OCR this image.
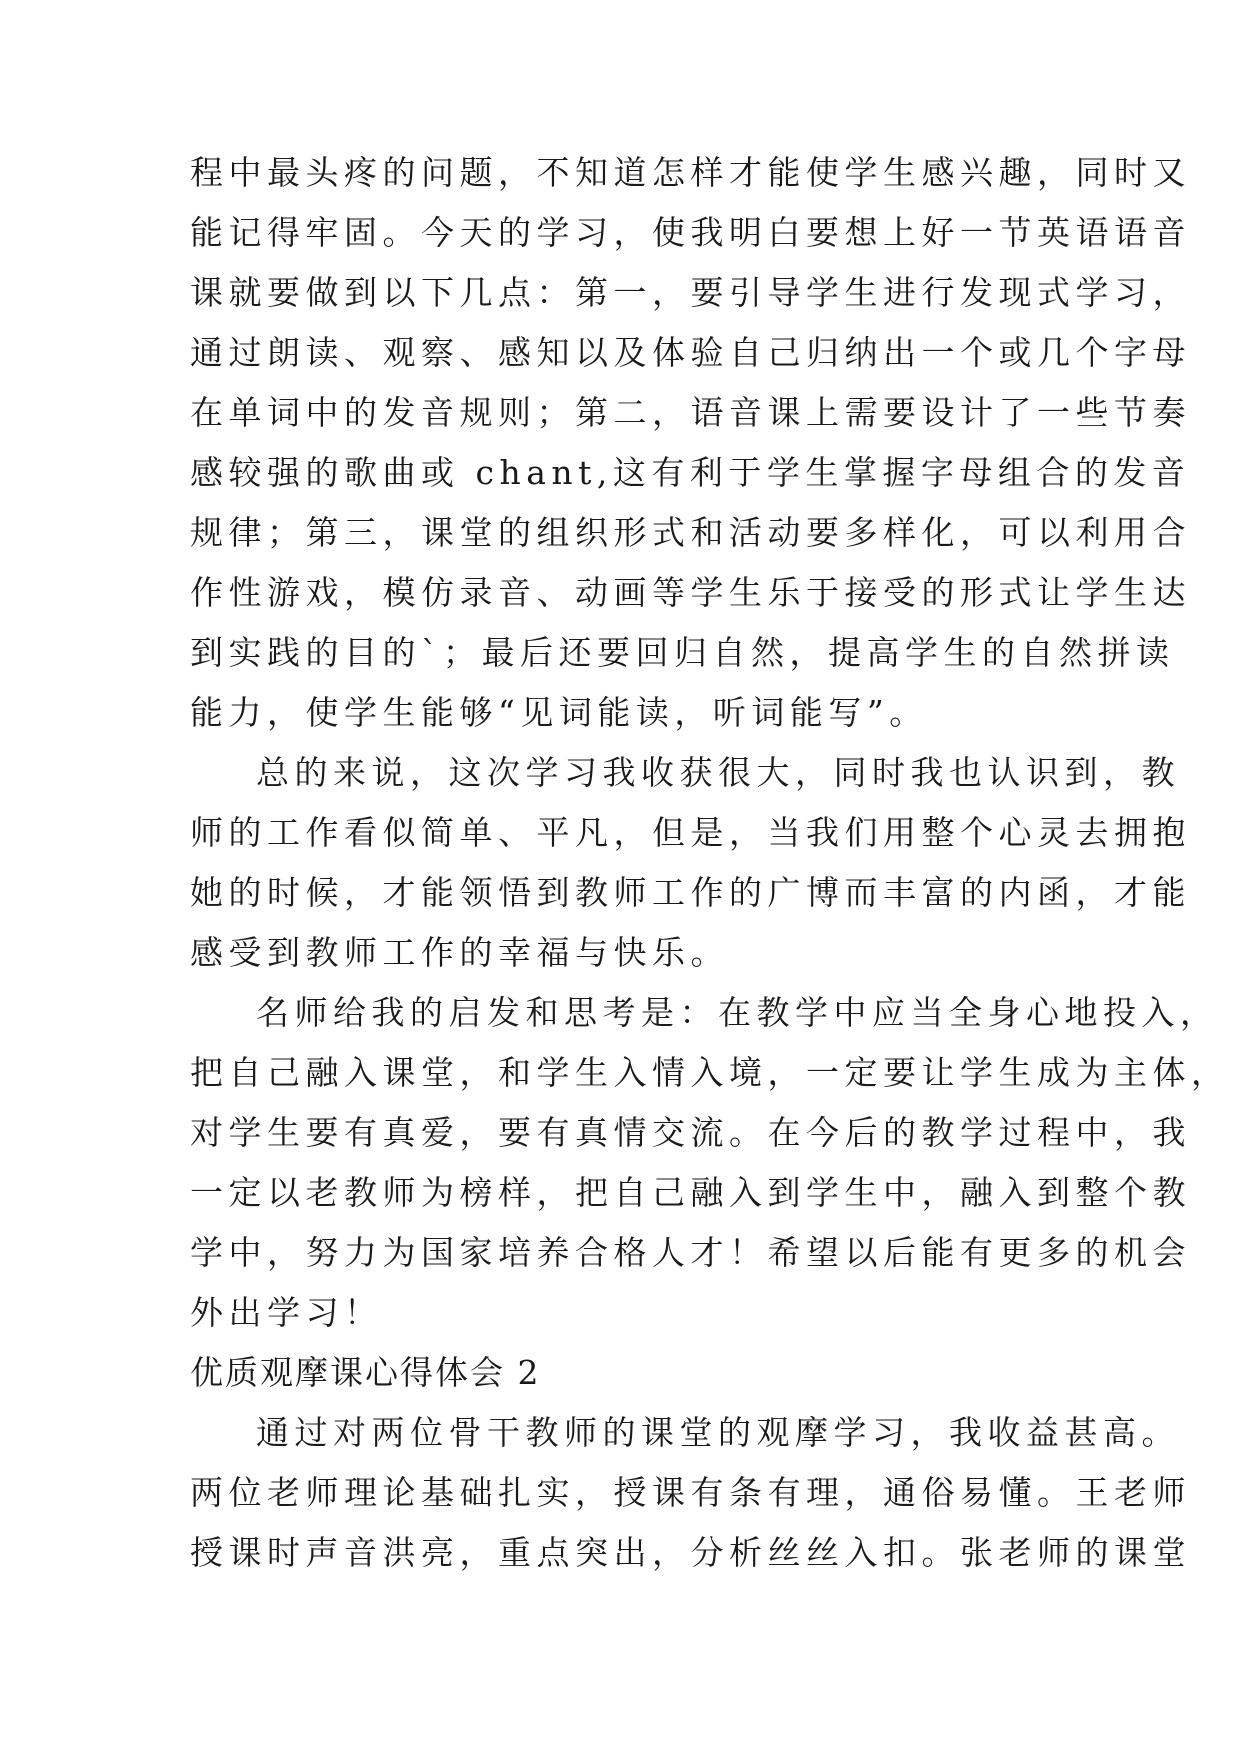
程中最头疼的问题，不知道怎样才能使学生感兴趣，同时又
能记得牢固。今天的学习，使我明白要想上好一节英语语音
课就要做到以下几点：第一，要引导学生进行发现式学习，
通过朗读、观察、感知以及体验自己归纳出一个或几个字母
在单词中的发音规则；第二，语音课上需要设计了一些节奏
感较强的歌曲或 chant,这有利于学生掌握字母组合的发音
规律；第三，课堂的组织形式和活动要多样化，可以利用合
作性游戏，模仿录音、动画等学生乐于接受的形式让学生达
到实践的目的`；最后还要回归自然，提高学生的自然拼读
能力，使学生能够“见词能读，听词能写”。
总的来说，这次学习我收获很大，同时我也认识到，教
师的工作看似简单、平凡，但是，当我们用整个心灵去拥抱
她的时候，才能领悟到教师工作的广博而丰富的内函，才能
感受到教师工作的幸福与快乐。
名师给我的启发和思考是：在教学中应当全身心地投入，
把自己融入课堂，和学生入情入境，一定要让学生成为主体，
对学生要有真爱，要有真情交流。在今后的教学过程中，我
一定以老教师为榜样，把自己融入到学生中，融入到整个教
学中，努力为国家培养合格人才！希望以后能有更多的机会
外出学习！
优质观摩课心得体会 2
通过对两位骨干教师的课堂的观摩学习，我收益甚高。
两位老师理论基础扎实，授课有条有理，通俗易懂。王老师
授课时声音洪亮，重点突出，分析丝丝入扣。张老师的课堂
